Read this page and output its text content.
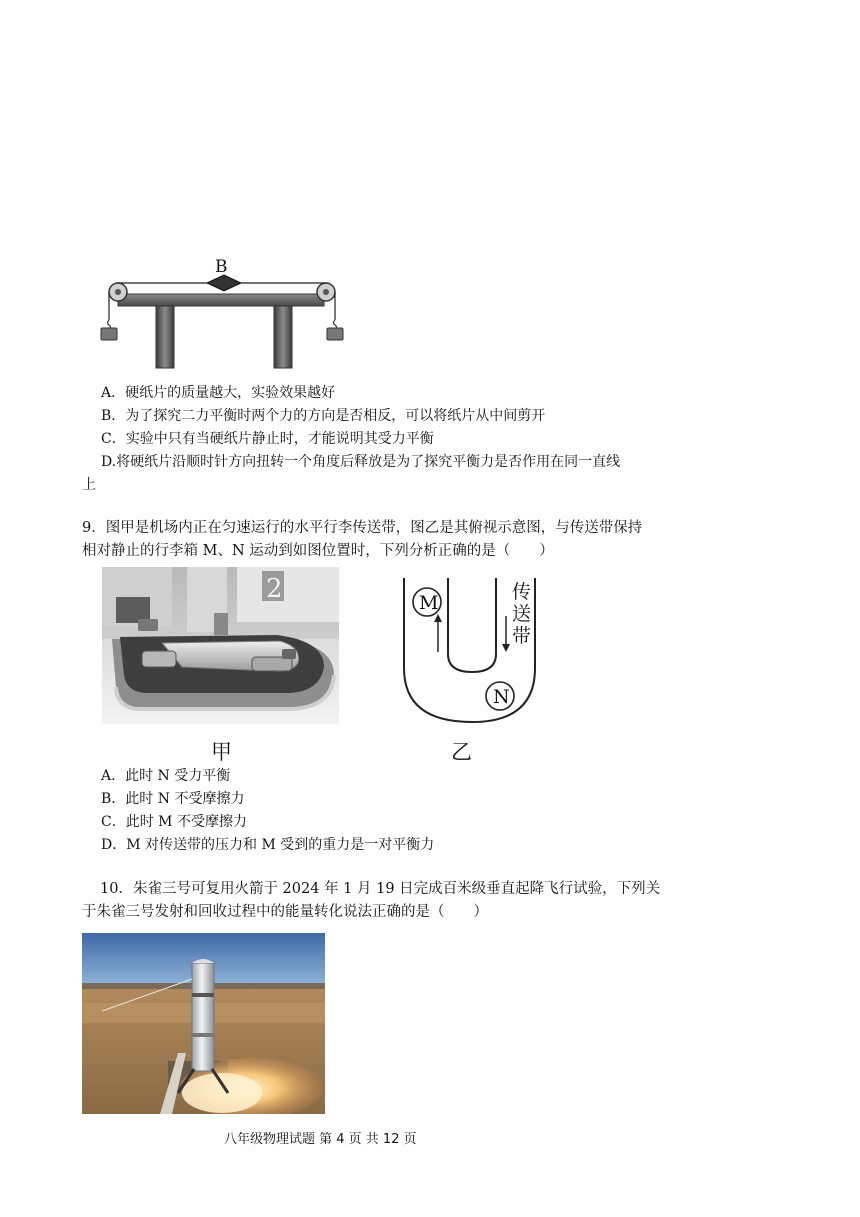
B
A．硬纸片的质量越大，实验效果越好
B．为了探究二力平衡时两个力的方向是否相反，可以将纸片从中间剪开
C．实验中只有当硬纸片静止时，才能说明其受力平衡
D.将硬纸片沿顺时针方向扭转一个角度后释放是为了探究平衡力是否作用在同一直线
上
9．图甲是机场内正在匀速运行的水平行李传送带，图乙是其俯视示意图，与传送带保持
相对静止的行李箱 M、N 运动到如图位置时，下列分析正确的是（　　）
2	M	传
送
带
N
甲	乙
A．此时 N 受力平衡
B．此时 N 不受摩擦力
C．此时 M 不受摩擦力
D．M 对传送带的压力和 M 受到的重力是一对平衡力
10．朱雀三号可复用火箭于 2024 年 1 月 19 日完成百米级垂直起降飞行试验，下列关
于朱雀三号发射和回收过程中的能量转化说法正确的是（　　）
八年级物理试题 第 4 页 共 12 页
